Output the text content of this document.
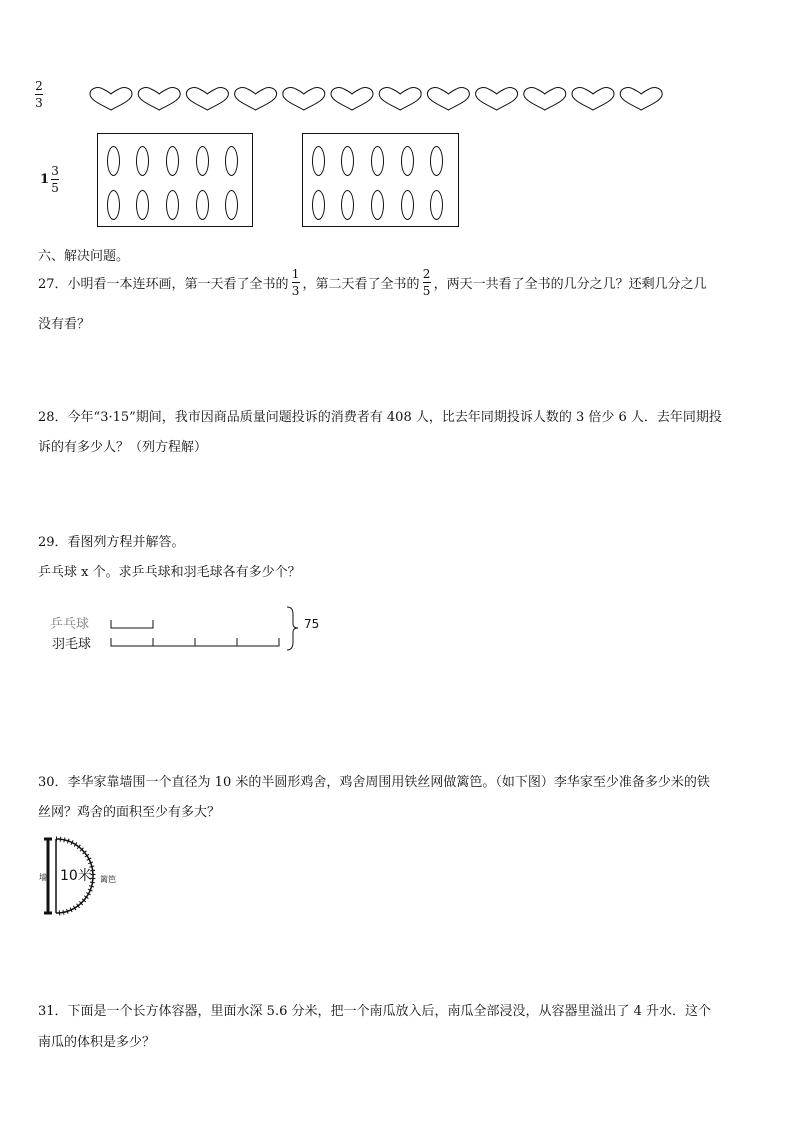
$\frac{2}{3}$
$1 \frac{3}{5}$
六、解决问题。
27．小明看一本连环画，第一天看了全书的 $\frac{1}{3}$ ，第二天看了全书的 $\frac{2}{5}$ ，两天一共看了全书的几分之几？还剩几分之几
没有看？
28．今年“3·15”期间，我市因商品质量问题投诉的消费者有 408 人，比去年同期投诉人数的 3 倍少 6 人．去年同期投
诉的有多少人？（列方程解）
29．看图列方程并解答。
乒乓球 x 个。求乒乓球和羽毛球各有多少个？
乒乓球
羽毛球
75
30．李华家靠墙围一个直径为 10 米的半圆形鸡舍，鸡舍周围用铁丝网做篱笆。（如下图）李华家至少准备多少米的铁
丝网？鸡舍的面积至少有多大？
墙 10米 篱笆
31．下面是一个长方体容器，里面水深 5.6 分米，把一个南瓜放入后，南瓜全部浸没，从容器里溢出了 4 升水．这个
南瓜的体积是多少？
